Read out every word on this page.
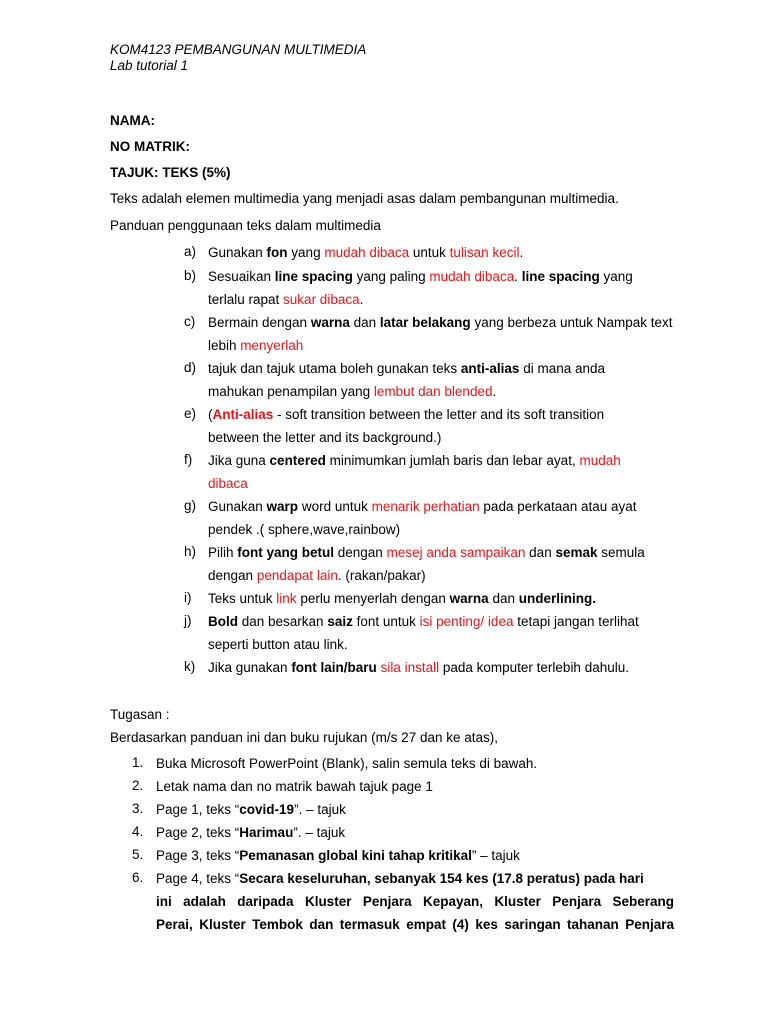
KOM4123 PEMBANGUNAN MULTIMEDIA
Lab tutorial 1
NAMA:
NO MATRIK:
TAJUK: TEKS (5%)
Teks adalah elemen multimedia yang menjadi asas dalam pembangunan multimedia.
Panduan penggunaan teks dalam multimedia
a) Gunakan fon yang mudah dibaca untuk tulisan kecil.
b) Sesuaikan line spacing yang paling mudah dibaca. line spacing yang terlalu rapat sukar dibaca.
c) Bermain dengan warna dan latar belakang yang berbeza untuk Nampak text lebih menyerlah
d) tajuk dan tajuk utama boleh gunakan teks anti-alias di mana anda mahukan penampilan yang lembut dan blended.
e) (Anti-alias - soft transition between the letter and its soft transition between the letter and its background.)
f) Jika guna centered minimumkan jumlah baris dan lebar ayat, mudah dibaca
g) Gunakan warp word untuk menarik perhatian pada perkataan atau ayat pendek .( sphere,wave,rainbow)
h) Pilih font yang betul dengan mesej anda sampaikan dan semak semula dengan pendapat lain. (rakan/pakar)
i) Teks untuk link perlu menyerlah dengan warna dan underlining.
j) Bold dan besarkan saiz font untuk isi penting/ idea tetapi jangan terlihat seperti button atau link.
k) Jika gunakan font lain/baru sila install pada komputer terlebih dahulu.
Tugasan :
Berdasarkan panduan ini dan buku rujukan (m/s 27 dan ke atas),
1. Buka Microsoft PowerPoint (Blank), salin semula teks di bawah.
2. Letak nama dan no matrik bawah tajuk page 1
3. Page 1, teks “covid-19”. – tajuk
4. Page 2, teks “Harimau”. – tajuk
5. Page 3, teks “Pemanasan global kini tahap kritikal” – tajuk
6. Page 4, teks “Secara keseluruhan, sebanyak 154 kes (17.8 peratus) pada hari
ini adalah daripada Kluster Penjara Kepayan, Kluster Penjara Seberang
Perai, Kluster Tembok dan termasuk empat (4) kes saringan tahanan Penjara
